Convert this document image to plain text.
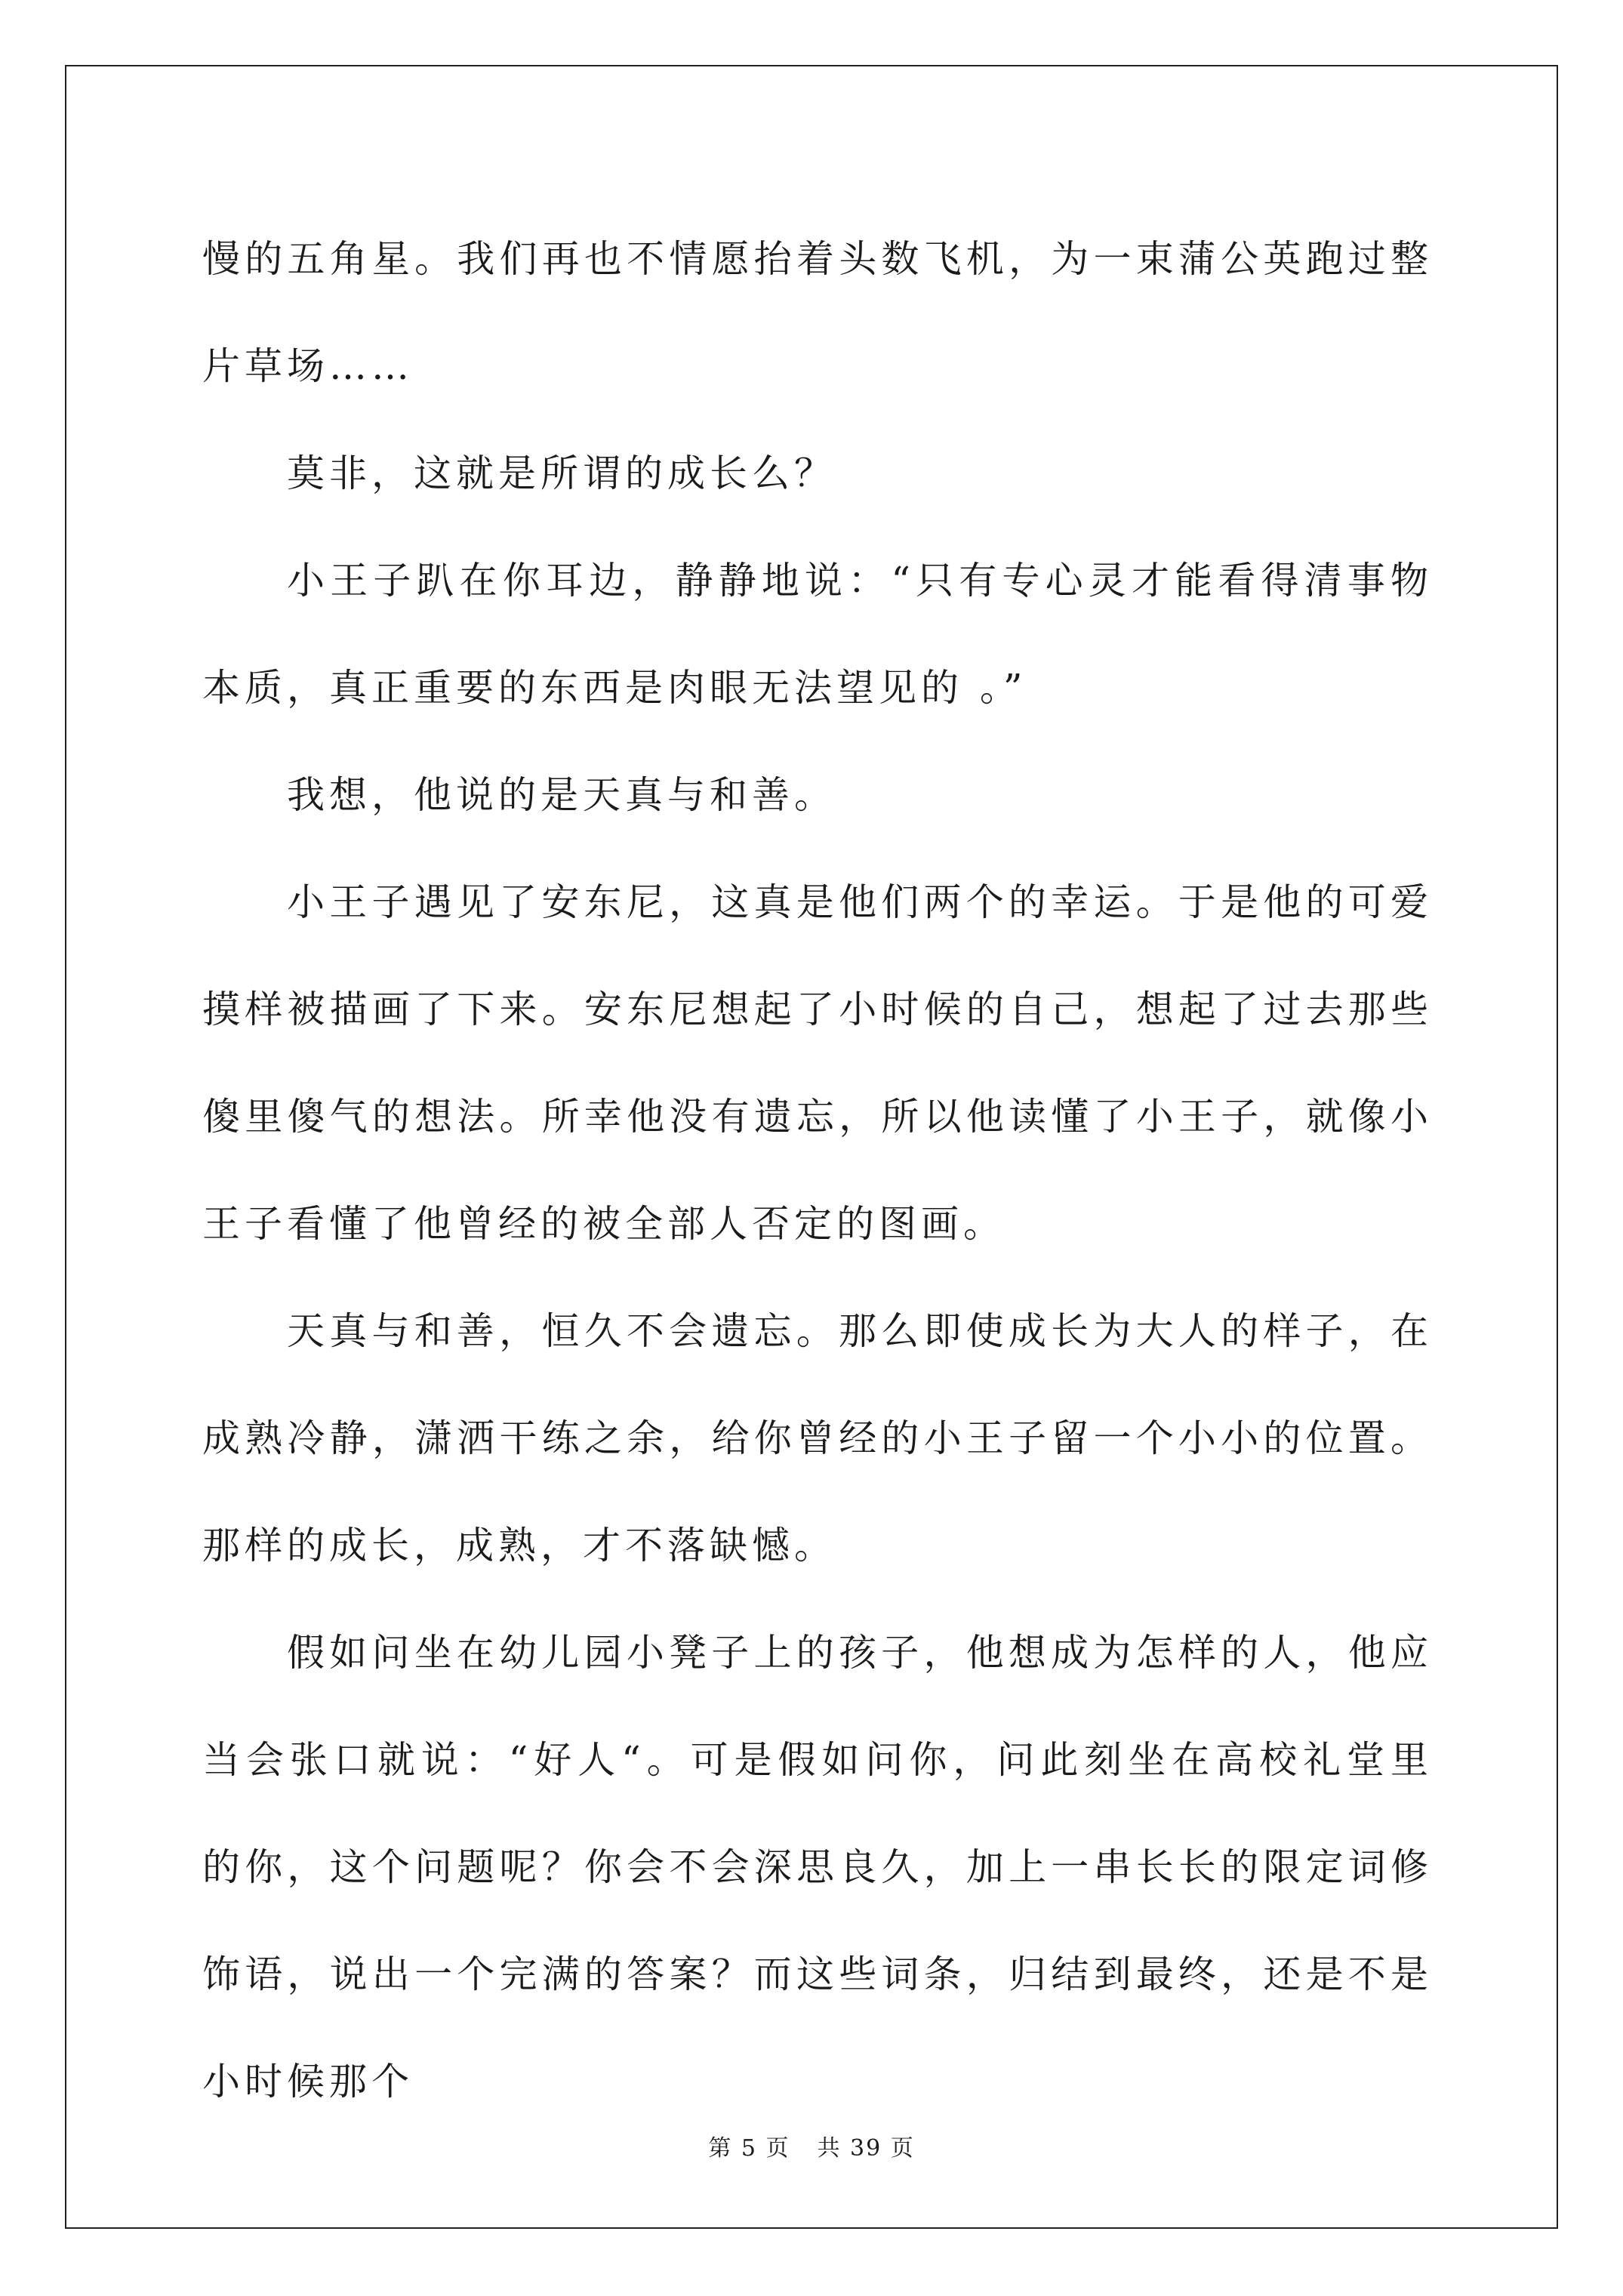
慢的五角星。我们再也不情愿抬着头数飞机，为一束蒲公英跑过整片草场……

莫非，这就是所谓的成长么？

小王子趴在你耳边，静静地说：“只有专心灵才能看得清事物本质，真正重要的东西是肉眼无法望见的 。”

我想，他说的是天真与和善。

小王子遇见了安东尼，这真是他们两个的幸运。于是他的可爱摸样被描画了下来。安东尼想起了小时候的自己，想起了过去那些傻里傻气的想法。所幸他没有遗忘，所以他读懂了小王子，就像小王子看懂了他曾经的被全部人否定的图画。

天真与和善，恒久不会遗忘。那么即使成长为大人的样子，在成熟冷静，潇洒干练之余，给你曾经的小王子留一个小小的位置。那样的成长，成熟，才不落缺憾。

假如问坐在幼儿园小凳子上的孩子，他想成为怎样的人，他应当会张口就说：“好人“。可是假如问你，问此刻坐在高校礼堂里的你，这个问题呢？你会不会深思良久，加上一串长长的限定词修饰语，说出一个完满的答案？而这些词条，归结到最终，还是不是小时候那个

第 5 页 共 39 页
